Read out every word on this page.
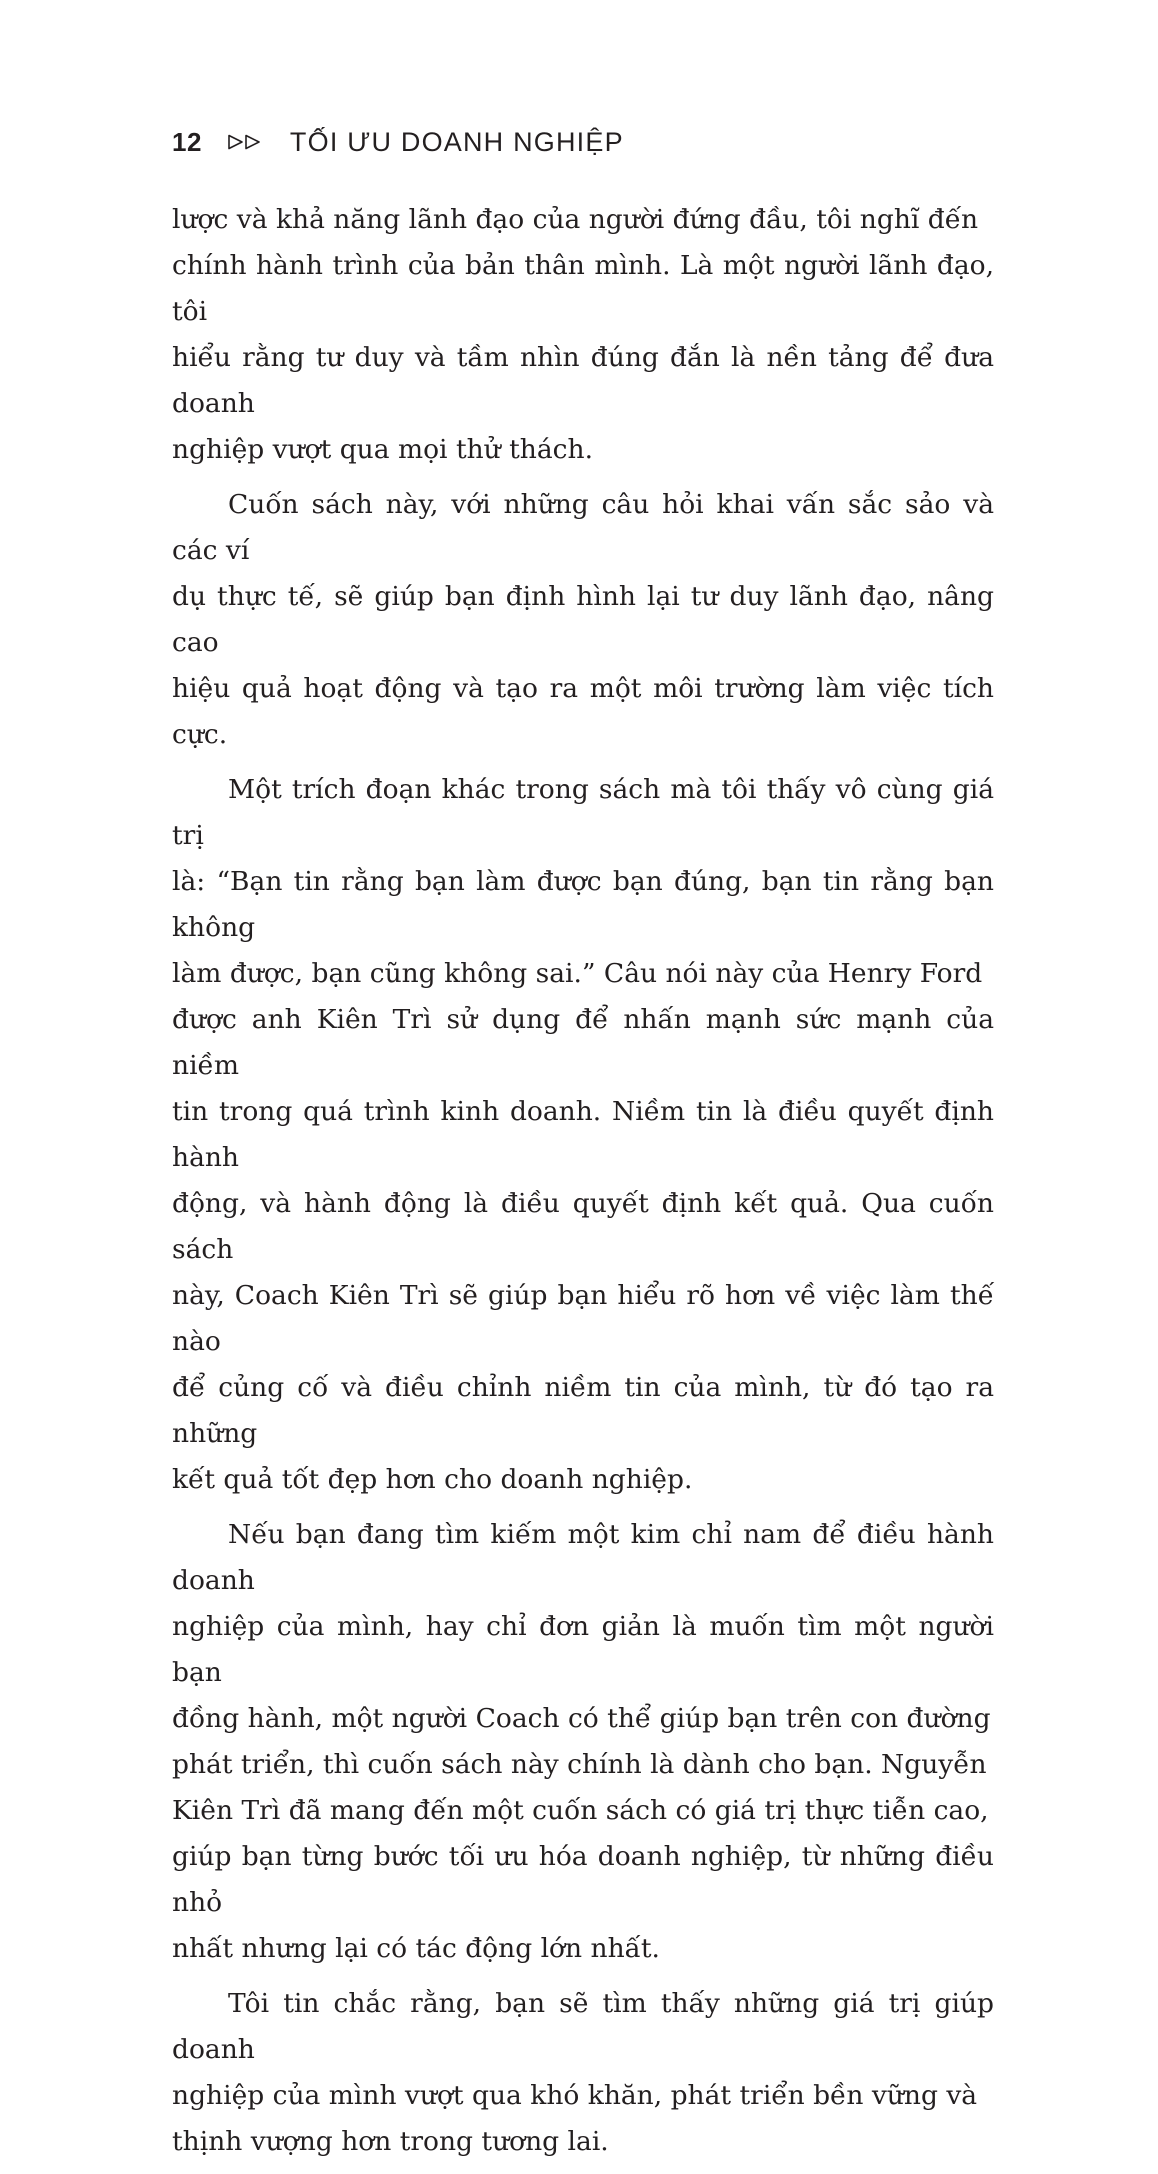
12	TỐI ƯU DOANH NGHIỆP

lược và khả năng lãnh đạo của người đứng đầu, tôi nghĩ đến
chính hành trình của bản thân mình. Là một người lãnh đạo, tôi
hiểu rằng tư duy và tầm nhìn đúng đắn là nền tảng để đưa doanh
nghiệp vượt qua mọi thử thách.

Cuốn sách này, với những câu hỏi khai vấn sắc sảo và các ví
dụ thực tế, sẽ giúp bạn định hình lại tư duy lãnh đạo, nâng cao
hiệu quả hoạt động và tạo ra một môi trường làm việc tích cực.

Một trích đoạn khác trong sách mà tôi thấy vô cùng giá trị
là: “Bạn tin rằng bạn làm được bạn đúng, bạn tin rằng bạn không
làm được, bạn cũng không sai.” Câu nói này của Henry Ford
được anh Kiên Trì sử dụng để nhấn mạnh sức mạnh của niềm
tin trong quá trình kinh doanh. Niềm tin là điều quyết định hành
động, và hành động là điều quyết định kết quả. Qua cuốn sách
này, Coach Kiên Trì sẽ giúp bạn hiểu rõ hơn về việc làm thế nào
để củng cố và điều chỉnh niềm tin của mình, từ đó tạo ra những
kết quả tốt đẹp hơn cho doanh nghiệp.

Nếu bạn đang tìm kiếm một kim chỉ nam để điều hành doanh
nghiệp của mình, hay chỉ đơn giản là muốn tìm một người bạn
đồng hành, một người Coach có thể giúp bạn trên con đường
phát triển, thì cuốn sách này chính là dành cho bạn. Nguyễn
Kiên Trì đã mang đến một cuốn sách có giá trị thực tiễn cao,
giúp bạn từng bước tối ưu hóa doanh nghiệp, từ những điều nhỏ
nhất nhưng lại có tác động lớn nhất.

Tôi tin chắc rằng, bạn sẽ tìm thấy những giá trị giúp doanh
nghiệp của mình vượt qua khó khăn, phát triển bền vững và
thịnh vượng hơn trong tương lai.
